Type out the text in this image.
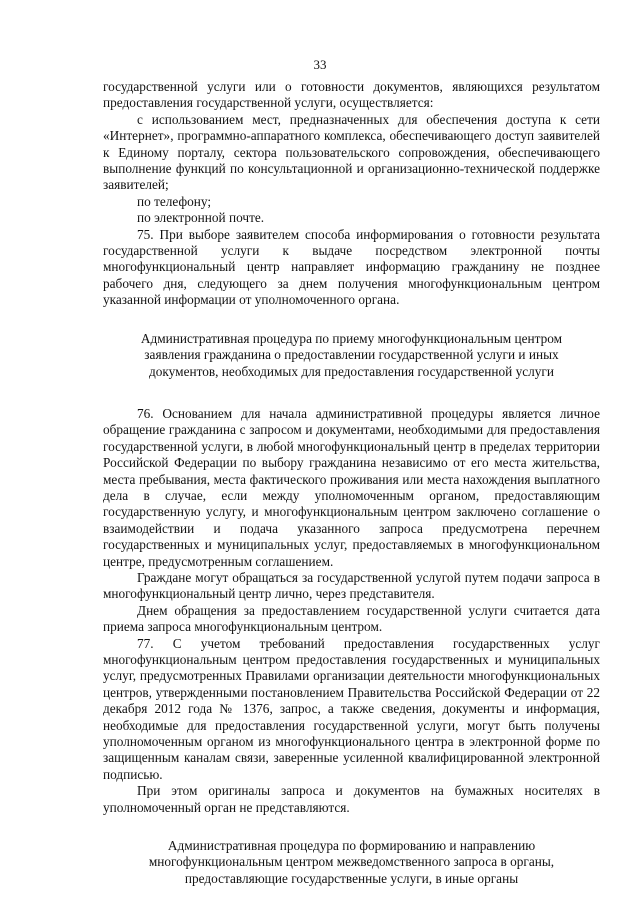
33

государственной услуги или о готовности документов, являющихся результатом предоставления государственной услуги, осуществляется:

с использованием мест, предназначенных для обеспечения доступа к сети «Интернет», программно-аппаратного комплекса, обеспечивающего доступ заявителей к Единому порталу, сектора пользовательского сопровождения, обеспечивающего выполнение функций по консультационной и организационно-технической поддержке заявителей;

по телефону;

по электронной почте.

75. При выборе заявителем способа информирования о готовности результата государственной услуги к выдаче посредством электронной почты многофункциональный центр направляет информацию гражданину не позднее рабочего дня, следующего за днем получения многофункциональным центром указанной информации от уполномоченного органа.

Административная процедура по приему многофункциональным центром
заявления гражданина о предоставлении государственной услуги и иных
документов, необходимых для предоставления государственной услуги

76. Основанием для начала административной процедуры является личное обращение гражданина с запросом и документами, необходимыми для предоставления государственной услуги, в любой многофункциональный центр в пределах территории Российской Федерации по выбору гражданина независимо от его места жительства, места пребывания, места фактического проживания или места нахождения выплатного дела в случае, если между уполномоченным органом, предоставляющим государственную услугу, и многофункциональным центром заключено соглашение о взаимодействии и подача указанного запроса предусмотрена перечнем государственных и муниципальных услуг, предоставляемых в многофункциональном центре, предусмотренным соглашением.

Граждане могут обращаться за государственной услугой путем подачи запроса в многофункциональный центр лично, через представителя.

Днем обращения за предоставлением государственной услуги считается дата приема запроса многофункциональным центром.

77. С учетом требований предоставления государственных услуг многофункциональным центром предоставления государственных и муниципальных услуг, предусмотренных Правилами организации деятельности многофункциональных центров, утвержденными постановлением Правительства Российской Федерации от 22 декабря 2012 года № 1376, запрос, а также сведения, документы и информация, необходимые для предоставления государственной услуги, могут быть получены уполномоченным органом из многофункционального центра в электронной форме по защищенным каналам связи, заверенные усиленной квалифицированной электронной подписью.

При этом оригиналы запроса и документов на бумажных носителях в уполномоченный орган не представляются.

Административная процедура по формированию и направлению
многофункциональным центром межведомственного запроса в органы,
предоставляющие государственные услуги, в иные органы
